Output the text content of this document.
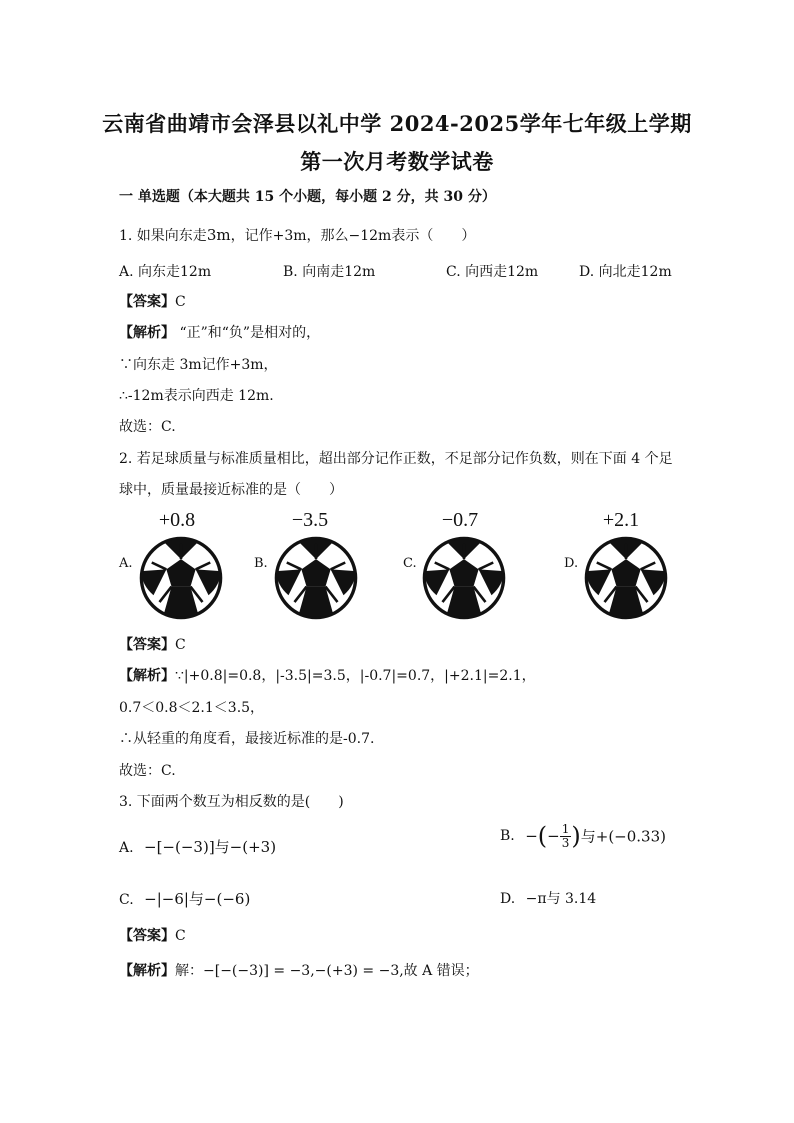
云南省曲靖市会泽县以礼中学 2024-2025学年七年级上学期
第一次月考数学试卷
一 单选题（本大题共 15 个小题，每小题 2 分，共 30 分）
1. 如果向东走3m，记作+3m，那么−12m表示（　　）
A. 向东走12m	B. 向南走12m	C. 向西走12m	D. 向北走12m
【答案】C
【解析】 “正”和“负”是相对的，
∵向东走 3m记作+3m，
∴-12m表示向西走 12m.
故选：C.
2. 若足球质量与标准质量相比，超出部分记作正数，不足部分记作负数，则在下面 4 个足
球中，质量最接近标准的是（　　）
+0.8	−3.5	−0.7	+2.1
A.	B.	C.	D.
【答案】C
【解析】∵|+0.8|=0.8，|-3.5|=3.5，|-0.7|=0.7，|+2.1|=2.1，
0.7＜0.8＜2.1＜3.5，
∴从轻重的角度看，最接近标准的是-0.7.
故选：C.
3. 下面两个数互为相反数的是(　　)
A. −[−(−3)]与−(+3)
B. −(− $\frac{1}{3}$ )与+(−0.33)
C. −|−6|与−(−6)	D. −π与 3.14
【答案】C
【解析】解：−[−(−3)] = −3,−(+3) = −3,故 A 错误；
